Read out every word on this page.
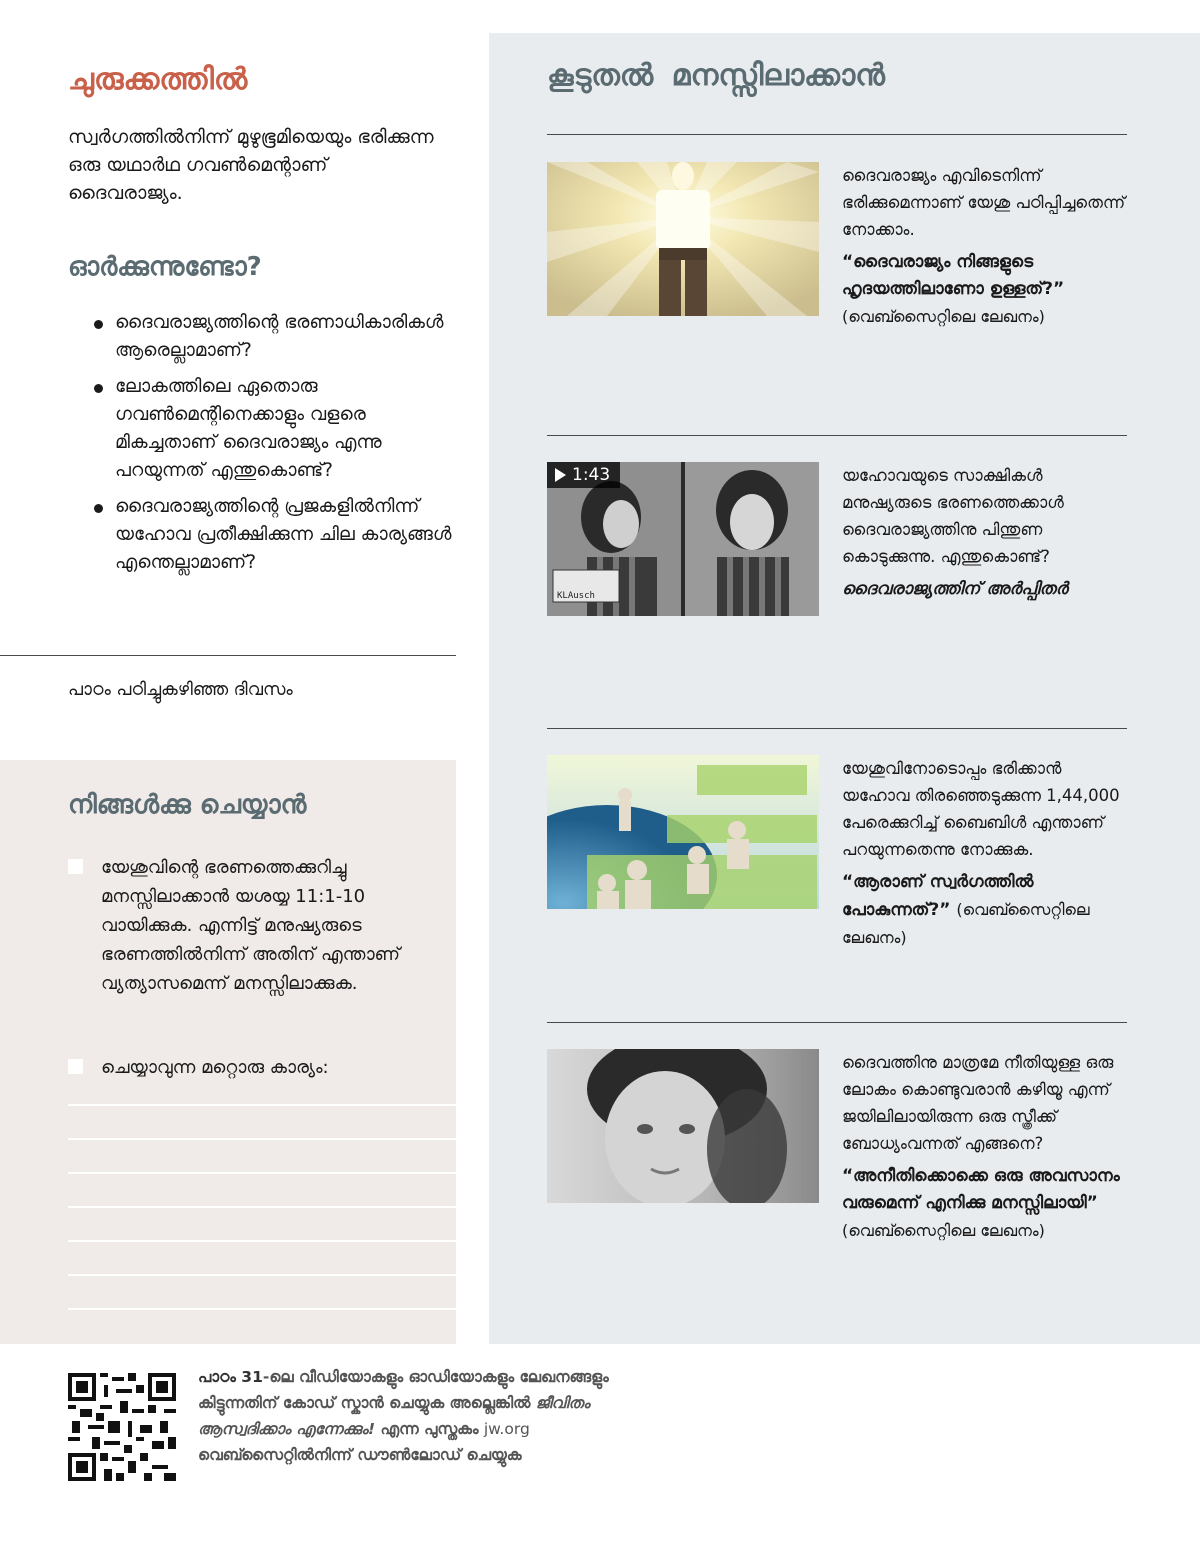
ചുരുക്കത്തിൽ

സ്വർഗത്തിൽനിന്ന് മുഴുഭൂമിയെയും ഭരിക്കുന്ന ഒരു യഥാർഥ ഗവൺമെന്റാണ് ദൈവരാജ്യം.

ഓർക്കുന്നുണ്ടോ?
ദൈവരാജ്യത്തിന്റെ ഭരണാധികാരികൾ ആരെല്ലാമാണ്?
ലോകത്തിലെ ഏതൊരു ഗവൺമെന്റിനെക്കാളും വളരെ മികച്ചതാണ് ദൈവരാജ്യം എന്നു പറയുന്നത് എന്തുകൊണ്ട്?
ദൈവരാജ്യത്തിന്റെ പ്രജകളിൽനിന്ന് യഹോവ പ്രതീക്ഷിക്കുന്ന ചില കാര്യങ്ങൾ എന്തെല്ലാമാണ്?
പാഠം പഠിച്ചുകഴിഞ്ഞ ദിവസം
നിങ്ങൾക്കു ചെയ്യാൻ
യേശുവിന്റെ ഭരണത്തെക്കുറിച്ചു മനസ്സിലാക്കാൻ യശയ്യ 11:1-10 വായിക്കുക. എന്നിട്ട് മനുഷ്യരുടെ ഭരണത്തിൽനിന്ന് അതിന് എന്താണ് വ്യത്യാസമെന്ന് മനസ്സിലാക്കുക.
ചെയ്യാവുന്ന മറ്റൊരു കാര്യം:
കൂടുതൽ മനസ്സിലാക്കാൻ
ദൈവരാജ്യം എവിടെനിന്ന് ഭരിക്കുമെന്നാണ് യേശു പഠിപ്പിച്ചതെന്ന് നോക്കാം.
“ദൈവരാജ്യം നിങ്ങളുടെ ഹൃദയത്തിലാണോ ഉള്ളത്?”
(വെബ്സൈറ്റിലെ ലേഖനം)
KLAusch
1:43	യഹോവയുടെ സാക്ഷികൾ മനുഷ്യരുടെ ഭരണത്തെക്കാൾ ദൈവരാജ്യത്തിനു പിന്തുണ കൊടുക്കുന്നു. എന്തുകൊണ്ട്?
ദൈവരാജ്യത്തിന് അർപ്പിതർ
യേശുവിനോടൊപ്പം ഭരിക്കാൻ യഹോവ തിരഞ്ഞെടുക്കുന്ന 1,44,000 പേരെക്കുറിച്ച് ബൈബിൾ എന്താണ് പറയുന്നതെന്നു നോക്കുക.
“ആരാണ് സ്വർഗത്തിൽ പോകുന്നത്?” (വെബ്സൈറ്റിലെ ലേഖനം)
ദൈവത്തിനു മാത്രമേ നീതിയുള്ള ഒരു ലോകം കൊണ്ടുവരാൻ കഴിയൂ എന്ന് ജയിലിലായിരുന്ന ഒരു സ്ത്രീക്ക് ബോധ്യംവന്നത് എങ്ങനെ?
“അനീതിക്കൊക്കെ ഒരു അവസാനം വരുമെന്ന് എനിക്കു മനസ്സിലായി”
(വെബ്സൈറ്റിലെ ലേഖനം)
പാഠം 31-ലെ വീഡിയോകളും ഓഡിയോകളും ലേഖനങ്ങളും കിട്ടുന്നതിന് കോഡ് സ്കാൻ ചെയ്യുക അല്ലെങ്കിൽ ജീവിതം ആസ്വദിക്കാം എന്നേക്കും! എന്ന പുസ്തകം jw.org വെബ്സൈറ്റിൽനിന്ന് ഡൗൺലോഡ് ചെയ്യുക
